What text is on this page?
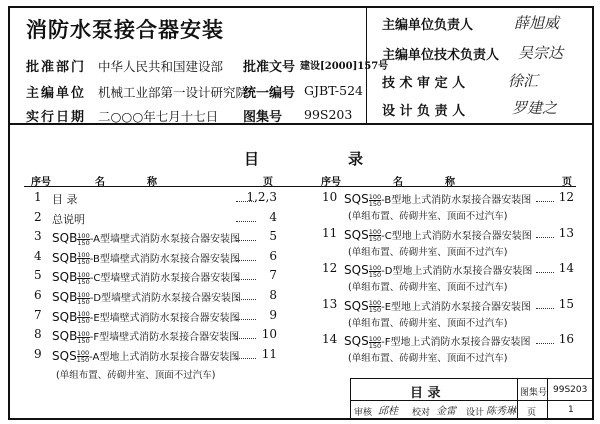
消防水泵接合器安装
批准部门 中华人民共和国建设部 批准文号 建设[2000]157号
主编单位 机械工业部第一设计研究院
统一编号 GJBT-524
实行日期 二○○○年七月十七日 图集号 99S203
主编单位负责人	薛旭威
主编单位技术负责人 吴宗达
技 术 审 定 人	徐汇
设 计 负 责 人	罗建之
目	录
序号	名	称	页	序号	名	称	页
1 目 录	1,2,3
2 总说明	4
3 SQB $\frac{100}{150} -A$型墙壁式消防水泵接合器安装图 5
4 SQB $\frac{100}{150} -B$型墙壁式消防水泵接合器安装图 6
5 SQB $\frac{100}{150} -C$型墙壁式消防水泵接合器安装图 7
6 SQB $\frac{100}{150} -D$型墙壁式消防水泵接合器安装图 8
7 SQB $\frac{100}{150} -E$型墙壁式消防水泵接合器安装图 9
8 SQB $\frac{100}{150} -F$型墙壁式消防水泵接合器安装图 10
9 SQS $\frac{100}{150} -A$型地上式消防水泵接合器安装图 11
(单组布置、砖砌井室、顶面不过汽车)
10 SQS $\frac{100}{150} -B$型地上式消防水泵接合器安装图 12
(单组布置、砖砌井室、顶面不过汽车)
11 SQS $\frac{100}{150} -C$型地上式消防水泵接合器安装图 13
(单组布置、砖砌井室、顶面不过汽车)
12 SQS $\frac{100}{150} -D$型地上式消防水泵接合器安装图 14
(单组布置、砖砌井室、顶面不过汽车)
13 SQS $\frac{100}{150} -E$型地上式消防水泵接合器安装图 15
(单组布置、砖砌井室、顶面不过汽车)
14 SQS $\frac{100}{150} -F$型地上式消防水泵接合器安装图 16
(单组布置、砖砌井室、顶面不过汽车)
目 录	图集号 99S203
审核 邱桂 校对 金雷 设计 陈秀琳 页	1
